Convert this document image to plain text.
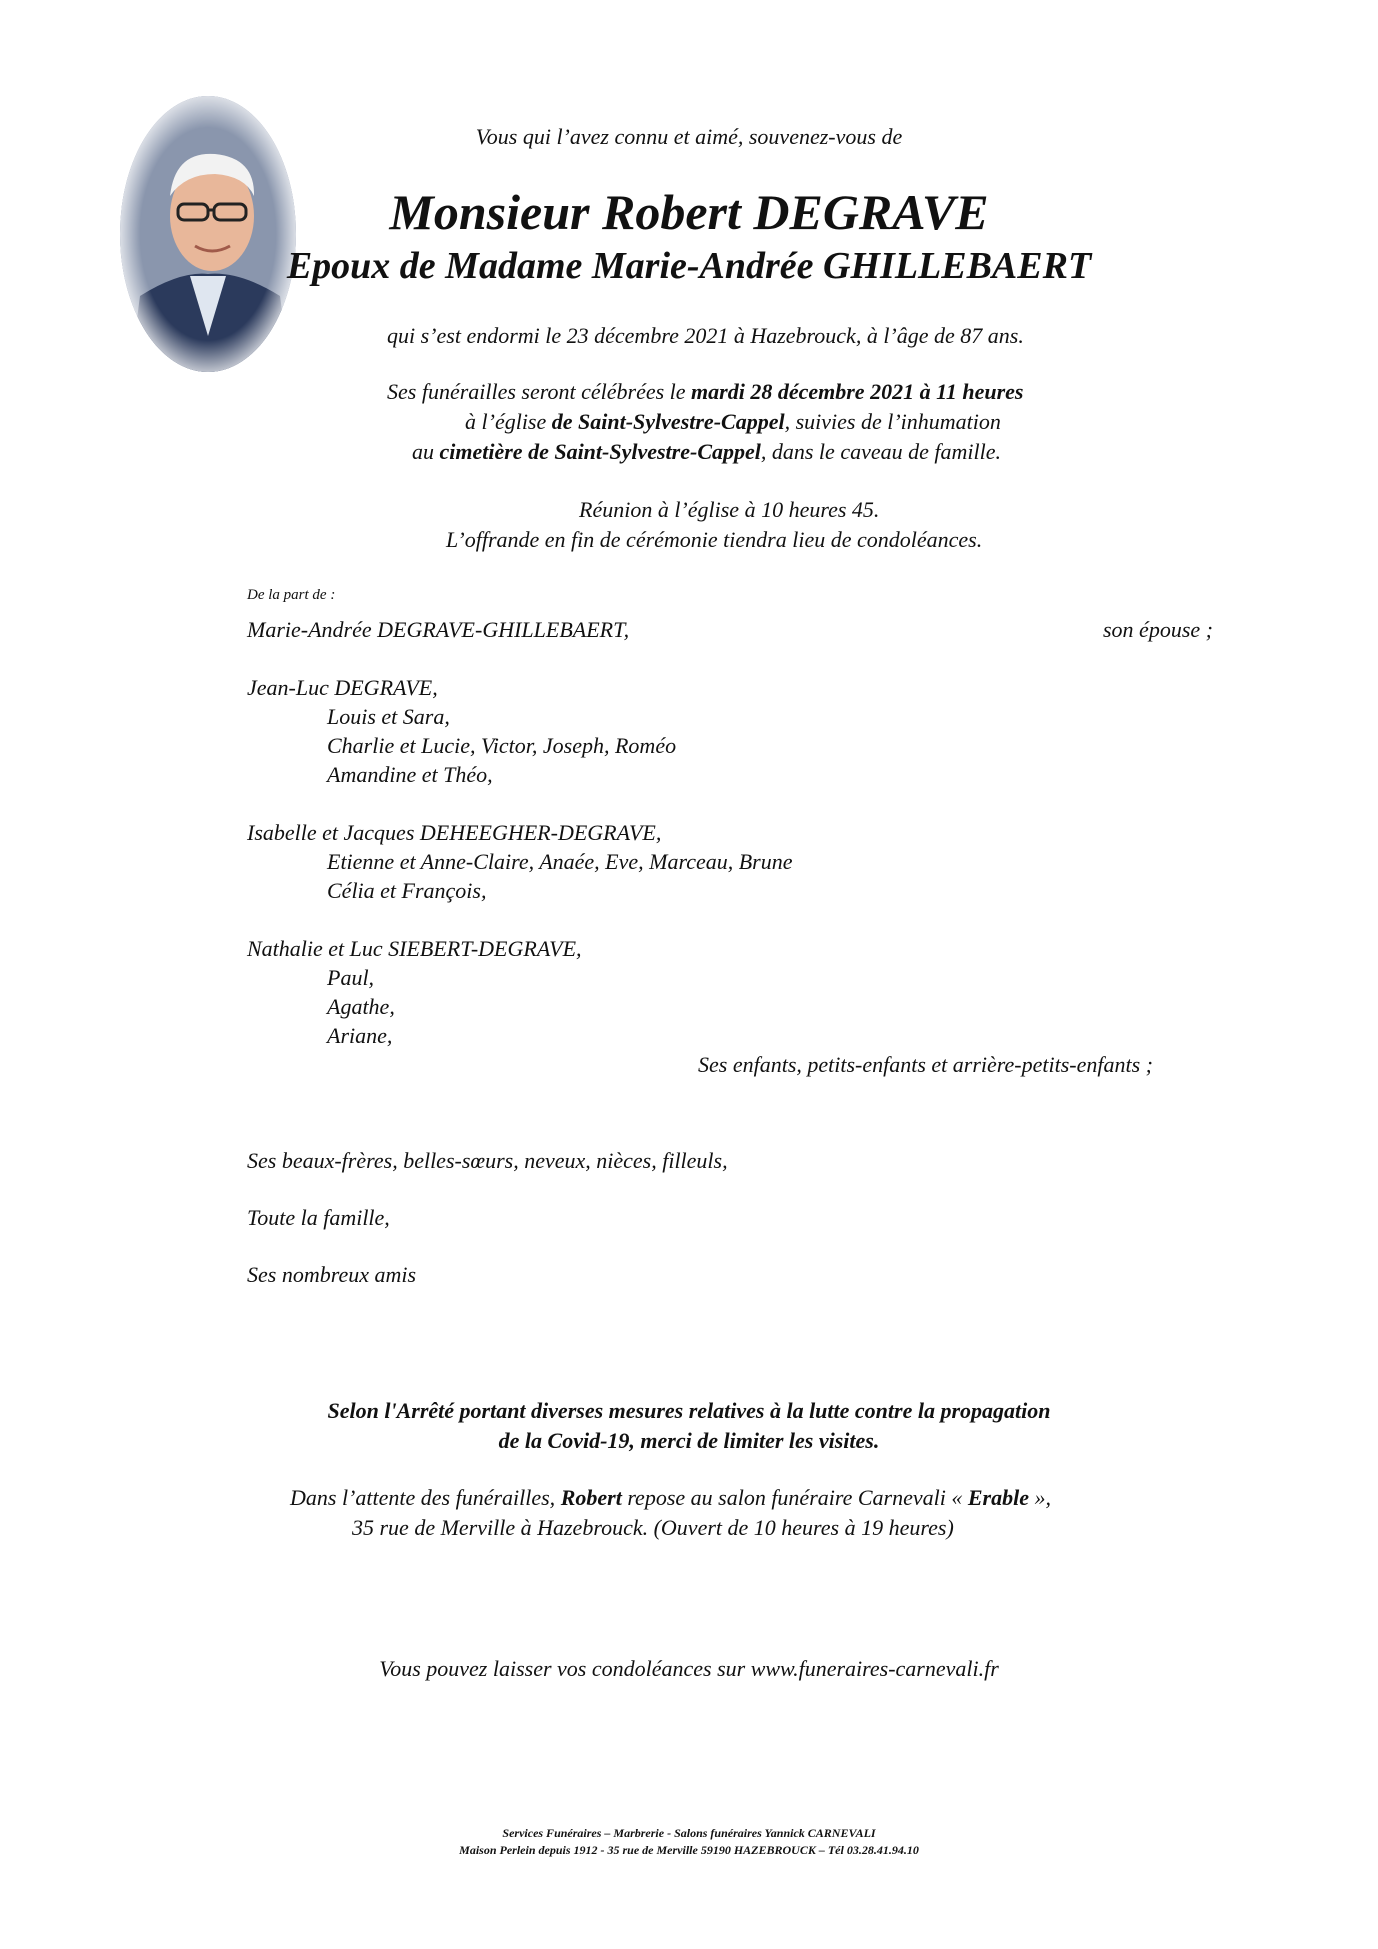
Vous qui l’avez connu et aimé, souvenez-vous de
Monsieur Robert DEGRAVE
Epoux de Madame Marie-Andrée GHILLEBAERT
qui s’est endormi le 23 décembre 2021 à Hazebrouck, à l’âge de 87 ans.
Ses funérailles seront célébrées le mardi 28 décembre 2021 à 11 heures
à l’église de Saint-Sylvestre-Cappel, suivies de l’inhumation
au cimetière de Saint-Sylvestre-Cappel, dans le caveau de famille.
Réunion à l’église à 10 heures 45.
L’offrande en fin de cérémonie tiendra lieu de condoléances.
De la part de :
Marie-Andrée DEGRAVE-GHILLEBAERT,	son épouse ;
Jean-Luc DEGRAVE,
Louis et Sara,
Charlie et Lucie, Victor, Joseph, Roméo
Amandine et Théo,
Isabelle et Jacques DEHEEGHER-DEGRAVE,
Etienne et Anne-Claire, Anaée, Eve, Marceau, Brune
Célia et François,
Nathalie et Luc SIEBERT-DEGRAVE,
Paul,
Agathe,
Ariane,
Ses enfants, petits-enfants et arrière-petits-enfants ;
Ses beaux-frères, belles-sœurs, neveux, nièces, filleuls,
Toute la famille,
Ses nombreux amis
Selon l'Arrêté portant diverses mesures relatives à la lutte contre la propagation
de la Covid-19, merci de limiter les visites.
Dans l’attente des funérailles, Robert repose au salon funéraire Carnevali « Erable »,
35 rue de Merville à Hazebrouck. (Ouvert de 10 heures à 19 heures)
Vous pouvez laisser vos condoléances sur www.funeraires-carnevali.fr
Services Funéraires – Marbrerie - Salons funéraires Yannick CARNEVALI
Maison Perlein depuis 1912 - 35 rue de Merville 59190 HAZEBROUCK – Tél 03.28.41.94.10
